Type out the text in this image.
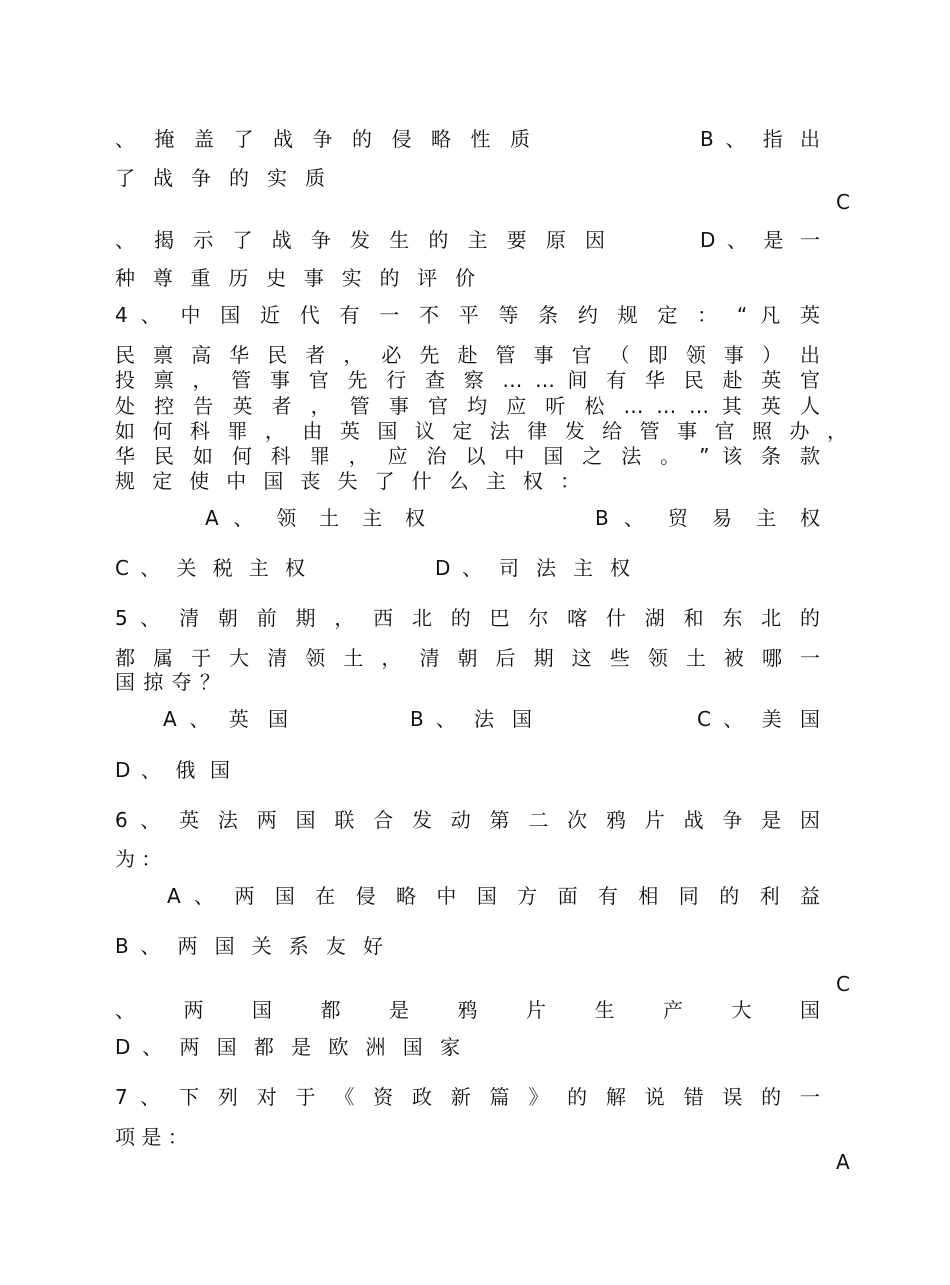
、 掩 盖 了 战 争 的 侵 略 性 质	B 、 指 出
了 战 争 的 实 质
C
、 揭 示 了 战 争 发 生 的 主 要 原 因	D 、 是 一
种 尊 重 历 史 事 实 的 评 价
4 、 中 国 近 代 有 一 不 平 等 条 约 规 定 ： “ 凡 英
民 禀 高 华 民 者 ， 必 先 赴 管 事 官 （ 即 领 事 ） 出
投 禀 ， 管 事 官 先 行 查 察 … … 间 有 华 民 赴 英 官
处 控 告 英 者 ， 管 事 官 均 应 听 松 … … … 其 英 人
如 何 科 罪 ， 由 英 国 议 定 法 律 发 给 管 事 官 照 办 ，
华 民 如 何 科 罪 ， 应 治 以 中 国 之 法 。 ” 该 条 款
规 定 使 中 国 丧 失 了 什 么 主 权 ：
A 、 领 土 主 权	B 、 贸 易 主 权
C 、 关 税 主 权	D 、 司 法 主 权
5 、 清 朝 前 期 ， 西 北 的 巴 尔 喀 什 湖 和 东 北 的
都 属 于 大 清 领 土 ， 清 朝 后 期 这 些 领 土 被 哪 一
国 掠 夺 ？
A 、 英 国	B 、 法 国	C 、 美 国
D 、 俄 国
6 、 英 法 两 国 联 合 发 动 第 二 次 鸦 片 战 争 是 因
为 ：
A 、 两 国 在 侵 略 中 国 方 面 有 相 同 的 利 益
B 、 两 国 关 系 友 好
C
、 两 国 都 是 鸦 片 生 产 大 国
D 、 两 国 都 是 欧 洲 国 家
7 、 下 列 对 于 《 资 政 新 篇 》 的 解 说 错 误 的 一
项 是 ：
A
